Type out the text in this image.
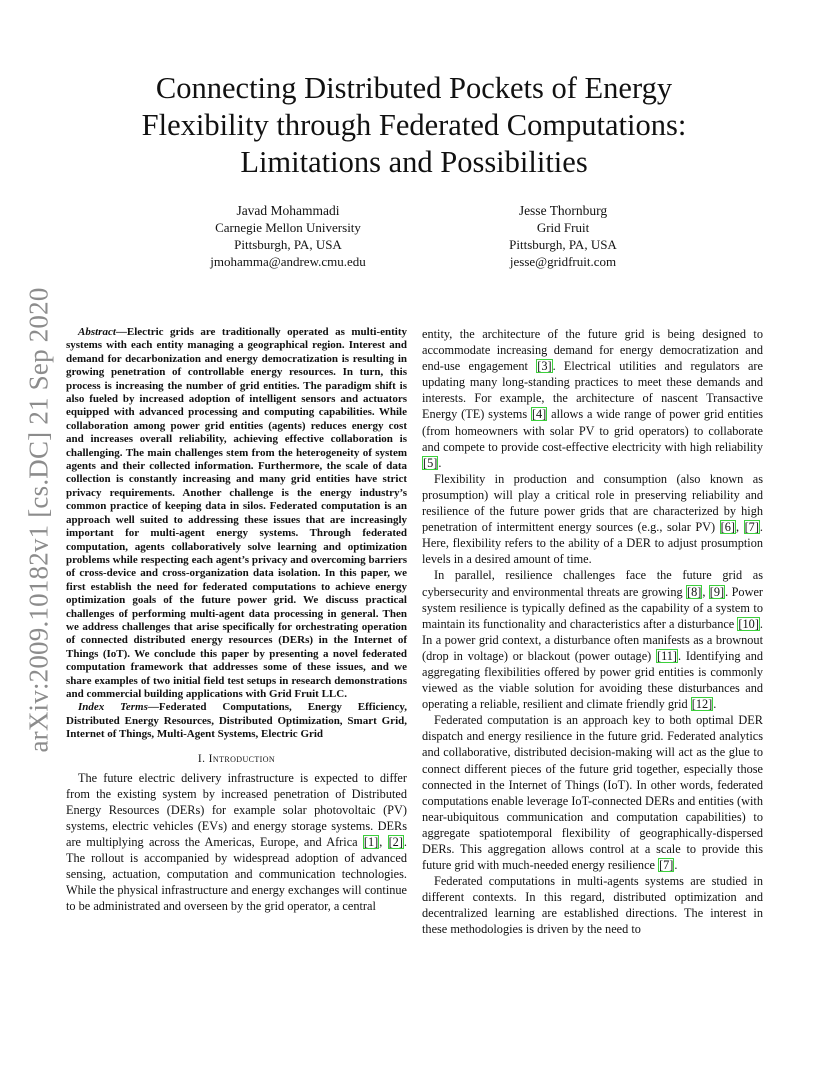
arXiv:2009.10182v1 [cs.DC] 21 Sep 2020
Connecting Distributed Pockets of Energy
Flexibility through Federated Computations:
Limitations and Possibilities
Javad Mohammadi
Carnegie Mellon University
Pittsburgh, PA, USA
jmohamma@andrew.cmu.edu
Jesse Thornburg
Grid Fruit
Pittsburgh, PA, USA
jesse@gridfruit.com

Abstract—Electric grids are traditionally operated as multi-entity systems with each entity managing a geographical region. Interest and demand for decarbonization and energy democratization is resulting in growing penetration of controllable energy resources. In turn, this process is increasing the number of grid entities. The paradigm shift is also fueled by increased adoption of intelligent sensors and actuators equipped with advanced processing and computing capabilities. While collaboration among power grid entities (agents) reduces energy cost and increases overall reliability, achieving effective collaboration is challenging. The main challenges stem from the heterogeneity of system agents and their collected information. Furthermore, the scale of data collection is constantly increasing and many grid entities have strict privacy requirements. Another challenge is the energy industry’s common practice of keeping data in silos. Federated computation is an approach well suited to addressing these issues that are increasingly important for multi-agent energy systems. Through federated computation, agents collaboratively solve learning and optimization problems while respecting each agent’s privacy and overcoming barriers of cross-device and cross-organization data isolation. In this paper, we first establish the need for federated computations to achieve energy optimization goals of the future power grid. We discuss practical challenges of performing multi-agent data processing in general. Then we address challenges that arise specifically for orchestrating operation of connected distributed energy resources (DERs) in the Internet of Things (IoT). We conclude this paper by presenting a novel federated computation framework that addresses some of these issues, and we share examples of two initial field test setups in research demonstrations and commercial building applications with Grid Fruit LLC.

Index Terms—Federated Computations, Energy Efficiency, Distributed Energy Resources, Distributed Optimization, Smart Grid, Internet of Things, Multi-Agent Systems, Electric Grid

I. Introduction

The future electric delivery infrastructure is expected to differ from the existing system by increased penetration of Distributed Energy Resources (DERs) for example solar photovoltaic (PV) systems, electric vehicles (EVs) and energy storage systems. DERs are multiplying across the Americas, Europe, and Africa [1], [2]. The rollout is accompanied by widespread adoption of advanced sensing, actuation, computation and communication technologies. While the physical infrastructure and energy exchanges will continue to be administrated and overseen by the grid operator, a central

entity, the architecture of the future grid is being designed to accommodate increasing demand for energy democratization and end-use engagement [3]. Electrical utilities and regulators are updating many long-standing practices to meet these demands and interests. For example, the architecture of nascent Transactive Energy (TE) systems [4] allows a wide range of power grid entities (from homeowners with solar PV to grid operators) to collaborate and compete to provide cost-effective electricity with high reliability [5].

Flexibility in production and consumption (also known as prosumption) will play a critical role in preserving reliability and resilience of the future power grids that are characterized by high penetration of intermittent energy sources (e.g., solar PV) [6], [7]. Here, flexibility refers to the ability of a DER to adjust prosumption levels in a desired amount of time.

In parallel, resilience challenges face the future grid as cybersecurity and environmental threats are growing [8], [9]. Power system resilience is typically defined as the capability of a system to maintain its functionality and characteristics after a disturbance [10]. In a power grid context, a disturbance often manifests as a brownout (drop in voltage) or blackout (power outage) [11]. Identifying and aggregating flexibilities offered by power grid entities is commonly viewed as the viable solution for avoiding these disturbances and operating a reliable, resilient and climate friendly grid [12].

Federated computation is an approach key to both optimal DER dispatch and energy resilience in the future grid. Federated analytics and collaborative, distributed decision-making will act as the glue to connect different pieces of the future grid together, especially those connected in the Internet of Things (IoT). In other words, federated computations enable leverage IoT-connected DERs and entities (with near-ubiquitous communication and computation capabilities) to aggregate spatiotemporal flexibility of geographically-dispersed DERs. This aggregation allows control at a scale to provide this future grid with much-needed energy resilience [7].

Federated computations in multi-agents systems are studied in different contexts. In this regard, distributed optimization and decentralized learning are established directions. The interest in these methodologies is driven by the need to
